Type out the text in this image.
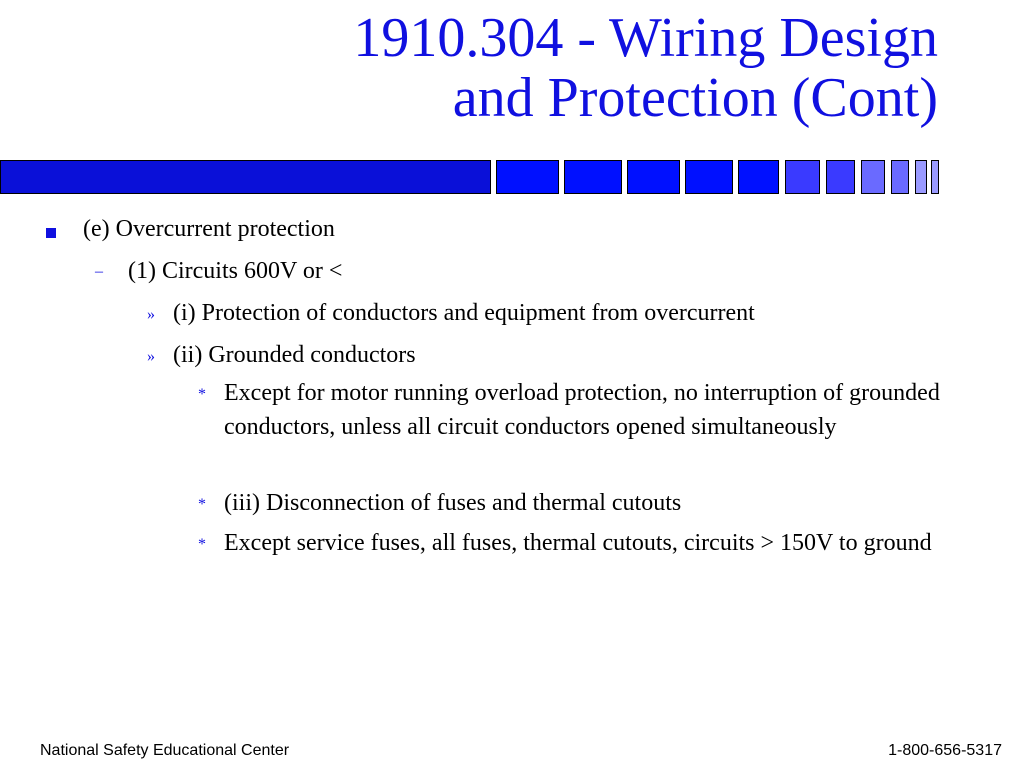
1910.304 - Wiring Design
and Protection (Cont)
(e) Overcurrent protection
– (1) Circuits 600V or <
» (i) Protection of conductors and equipment from overcurrent
» (ii) Grounded conductors
* Except for motor running overload protection, no interruption of grounded conductors, unless all circuit conductors opened simultaneously
* (iii) Disconnection of fuses and thermal cutouts
* Except service fuses, all fuses, thermal cutouts, circuits > 150V to ground
National Safety Educational Center	1-800-656-5317
